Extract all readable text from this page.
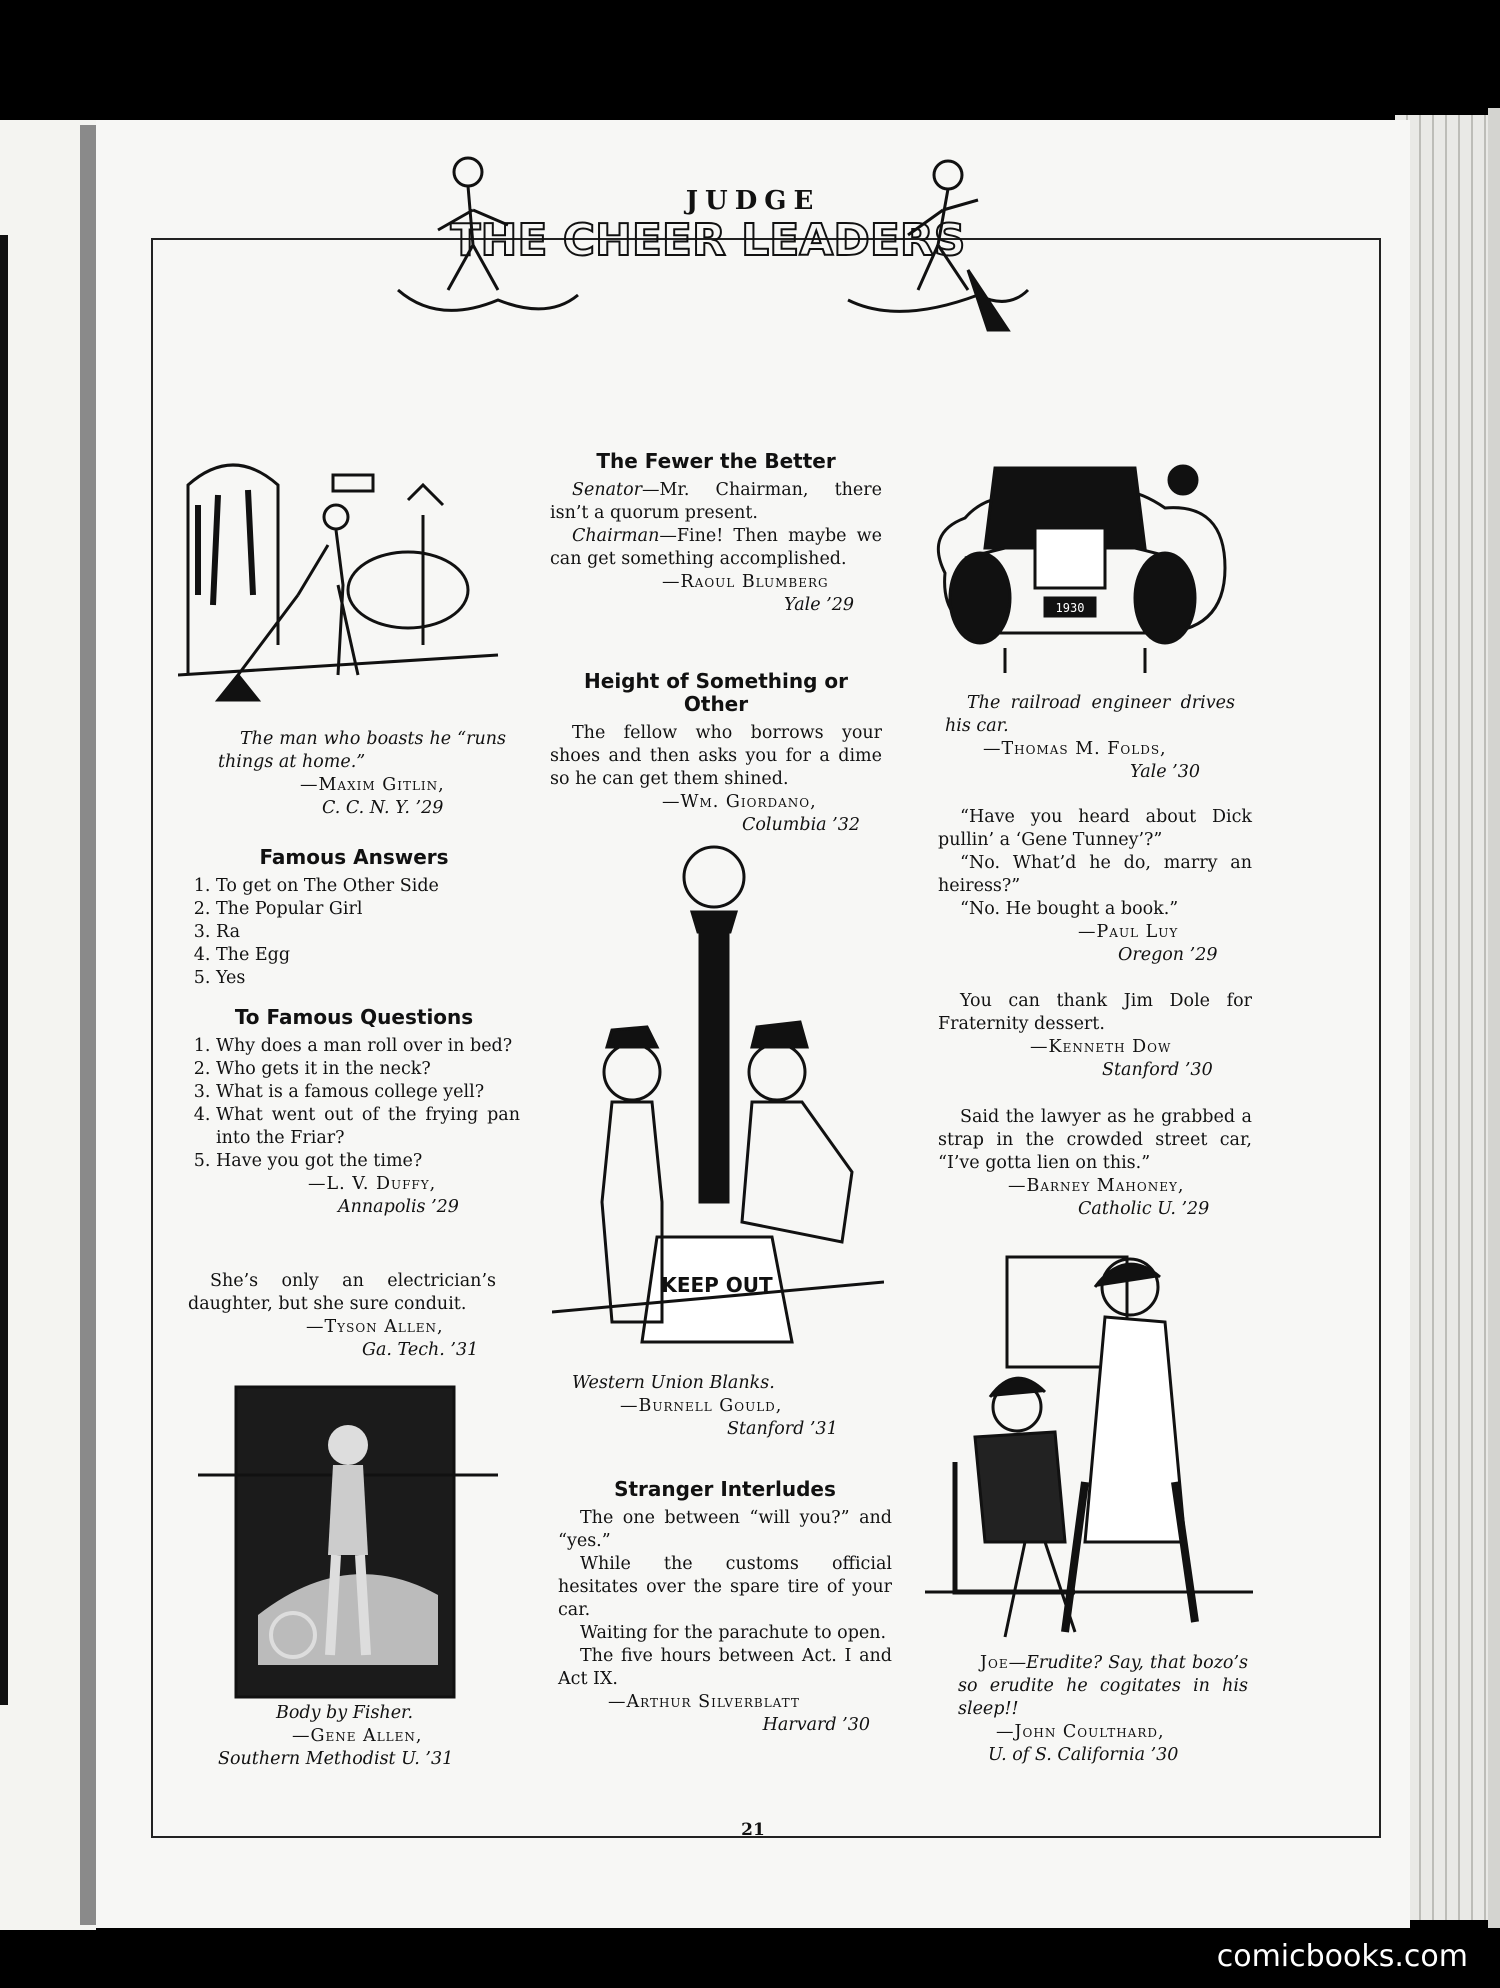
JUDGE
21
THE CHEER LEADERS

The man who boasts he “runs things at home.”

—Maxim Gitlin,

C. C. N. Y. ’29

Famous Answers

1. To get on The Other Side
2. The Popular Girl
3. Ra
4. The Egg
5. Yes

To Famous Questions

1. Why does a man roll over in bed?
2. Who gets it in the neck?
3. What is a famous college yell?
4. What went out of the frying pan into the Friar?
5. Have you got the time?

—L. V. Duffy,

Annapolis ’29

She’s only an electrician’s daughter, but she sure conduit.

—Tyson Allen,

Ga. Tech. ’31

Body by Fisher.

—Gene Allen,

Southern Methodist U. ’31

The Fewer the Better

Senator—Mr. Chairman, there isn’t a quorum present.

Chairman—Fine! Then maybe we can get something accomplished.

—Raoul Blumberg

Yale ’29

Height of Something or Other

The fellow who borrows your shoes and then asks you for a dime so he can get them shined.

—Wm. Giordano,

Columbia ’32

KEEP OUT

Western Union Blanks.

—Burnell Gould,

Stanford ’31

Stranger Interludes

The one between “will you?” and “yes.”

While the customs official hesitates over the spare tire of your car.

Waiting for the parachute to open.

The five hours between Act. I and Act IX.

—Arthur Silverblatt

Harvard ’30

1930

The railroad engineer drives his car.

—Thomas M. Folds,

Yale ’30

“Have you heard about Dick pullin’ a ‘Gene Tunney’?”

“No. What’d he do, marry an heiress?”

“No. He bought a book.”

—Paul Luy

Oregon ’29

You can thank Jim Dole for Fraternity dessert.

—Kenneth Dow

Stanford ’30

Said the lawyer as he grabbed a strap in the crowded street car, “I’ve gotta lien on this.”

—Barney Mahoney,

Catholic U. ’29

Joe—Erudite? Say, that bozo’s so erudite he cogitates in his sleep!!

—John Coulthard,

U. of S. California ’30

comicbooks.com
